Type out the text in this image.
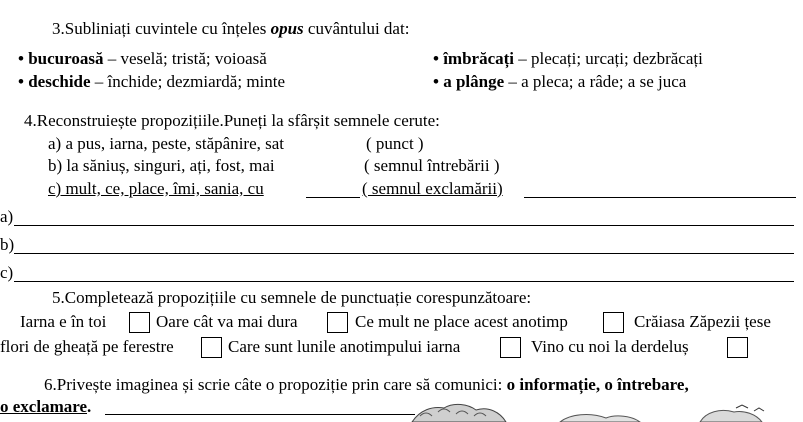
3.Subliniați cuvintele cu înțeles opus cuvântului dat:
• bucuroasă – veselă; tristă; voioasă	• îmbrăcați – plecați; urcați; dezbrăcați
• deschide – închide; dezmiardă; minte	• a plânge – a pleca; a râde; a se juca
4.Reconstruiește propozițiile.Puneți la sfârșit semnele cerute:
a) a pus, iarna, peste, stăpânire, sat	( punct )
b) la săniuș, singuri, ați, fost, mai	( semnul întrebării )
c) mult, ce, place, îmi, sania, cu	( semnul exclamării)
a)
b)
c)
5.Completează propozițiile cu semnele de punctuație corespunzătoare:
Iarna e în toi	Oare cât va mai dura	Ce mult ne place acest anotimp	Crăiasa Zăpezii țese
flori de gheață pe ferestre	Care sunt lunile anotimpului iarna	Vino cu noi la derdeluș
6.Privește imaginea și scrie câte o propoziție prin care să comunici: o informație, o întrebare,
o exclamare.
